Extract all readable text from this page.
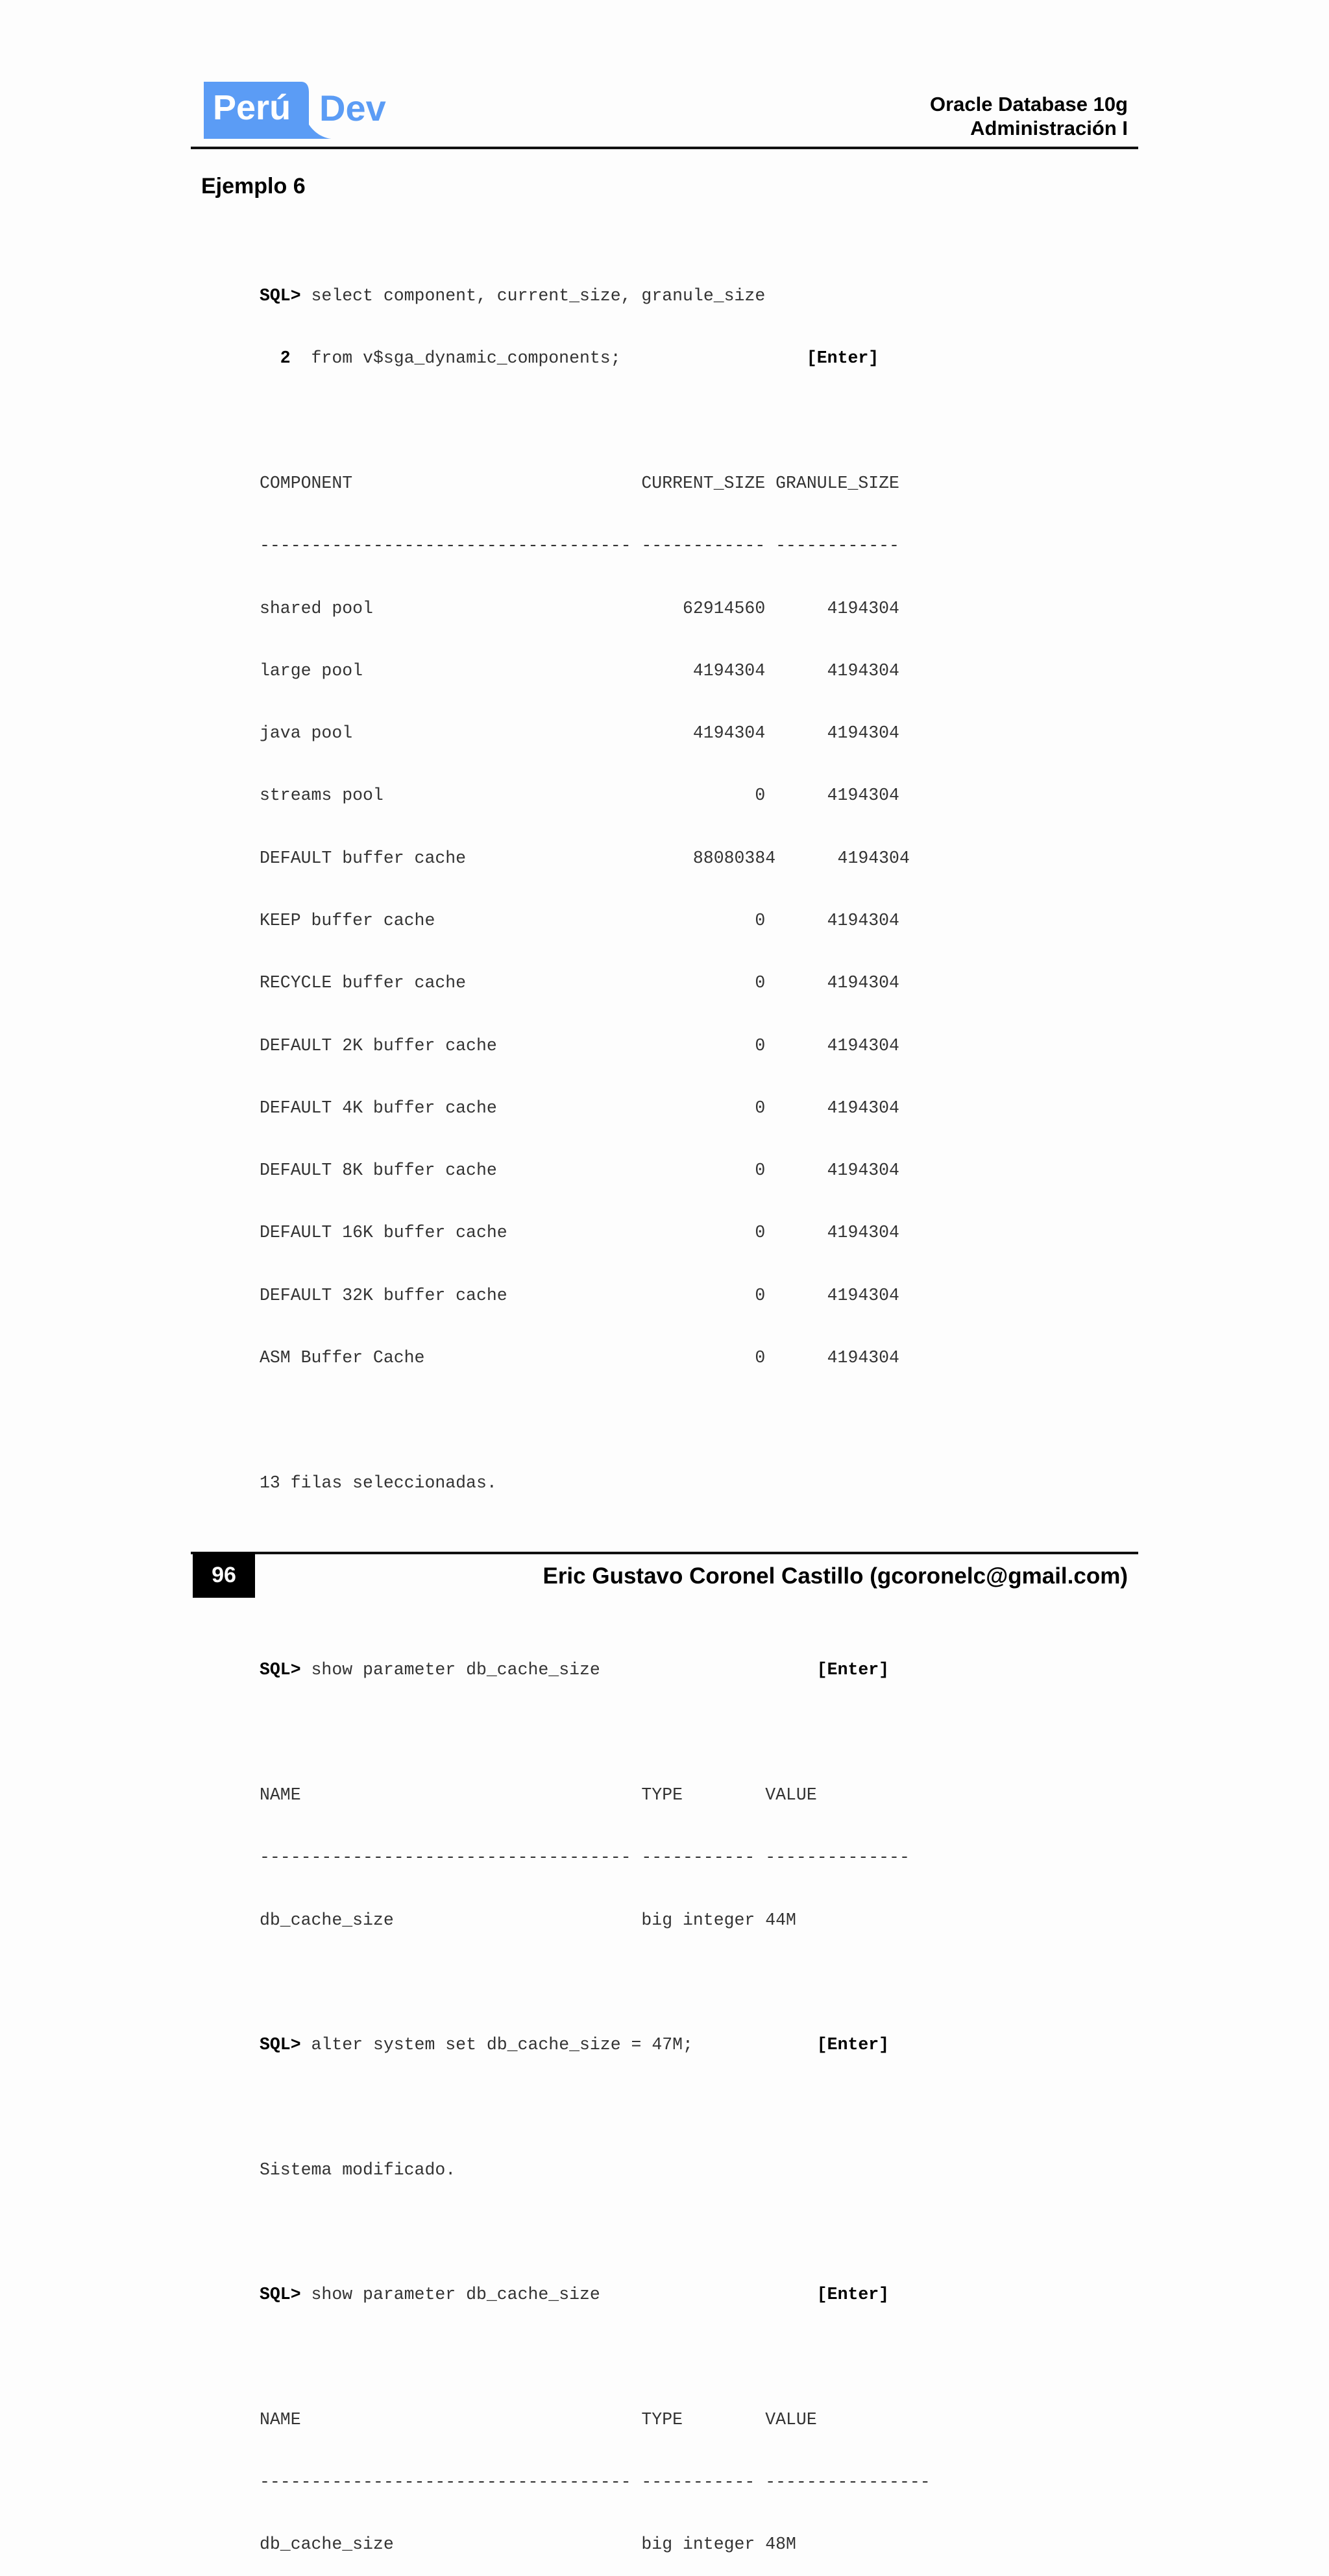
Perú Dev	Oracle Database 10g
Administración I
Ejemplo 6

SQL> select component, current_size, granule_size

2  from v$sga_dynamic_components;                  [Enter]

COMPONENT                            CURRENT_SIZE GRANULE_SIZE

------------------------------------ ------------ ------------

shared pool                              62914560      4194304

large pool                                4194304      4194304

java pool                                 4194304      4194304

streams pool                                    0      4194304

DEFAULT buffer cache                      88080384      4194304

KEEP buffer cache                               0      4194304

RECYCLE buffer cache                            0      4194304

DEFAULT 2K buffer cache                         0      4194304

DEFAULT 4K buffer cache                         0      4194304

DEFAULT 8K buffer cache                         0      4194304

DEFAULT 16K buffer cache                        0      4194304

DEFAULT 32K buffer cache                        0      4194304

ASM Buffer Cache                                0      4194304

13 filas seleccionadas.

SQL> show parameter db_cache_size                     [Enter]

NAME                                 TYPE        VALUE

------------------------------------ ----------- --------------

db_cache_size                        big integer 44M

SQL> alter system set db_cache_size = 47M;            [Enter]

Sistema modificado.

SQL> show parameter db_cache_size                     [Enter]

NAME                                 TYPE        VALUE

------------------------------------ ----------- ----------------

db_cache_size                        big integer 48M

96	Eric Gustavo Coronel Castillo (gcoronelc@gmail.com)
